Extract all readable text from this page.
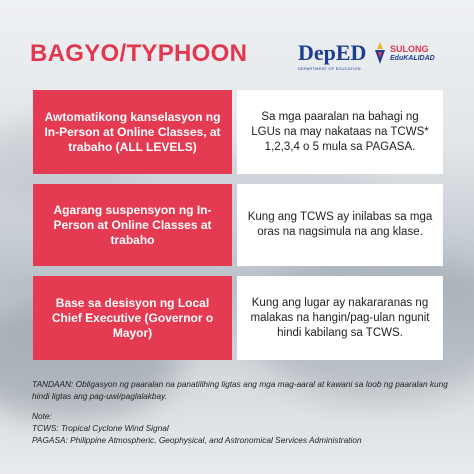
BAGYO/TYPHOON DepED
DEPARTMENT OF EDUCATION
SULONG
EduKALIDAD
Awtomatikong kanselasyon ng In-Person at Online Classes, at trabaho (ALL LEVELS)
Sa mga paaralan na bahagi ng LGUs na may nakataas na TCWS* 1,2,3,4 o 5 mula sa PAGASA.
Agarang suspensyon ng In-Person at Online Classes at trabaho
Kung ang TCWS ay inilabas sa mga oras na nagsimula na ang klase.
Base sa desisyon ng Local Chief Executive (Governor o Mayor)
Kung ang lugar ay nakararanas ng malakas na hangin/pag-ulan ngunit hindi kabilang sa TCWS.
TANDAAN: Obligasyon ng paaralan na panatilihing ligtas ang mga mag-aaral at kawani sa loob ng paaralan kung hindi ligtas ang pag-uwi/paglalakbay.
Note:
TCWS: Tropical Cyclone Wind Signal
PAGASA: Philippine Atmospheric, Geophysical, and Astronomical Services Administration
